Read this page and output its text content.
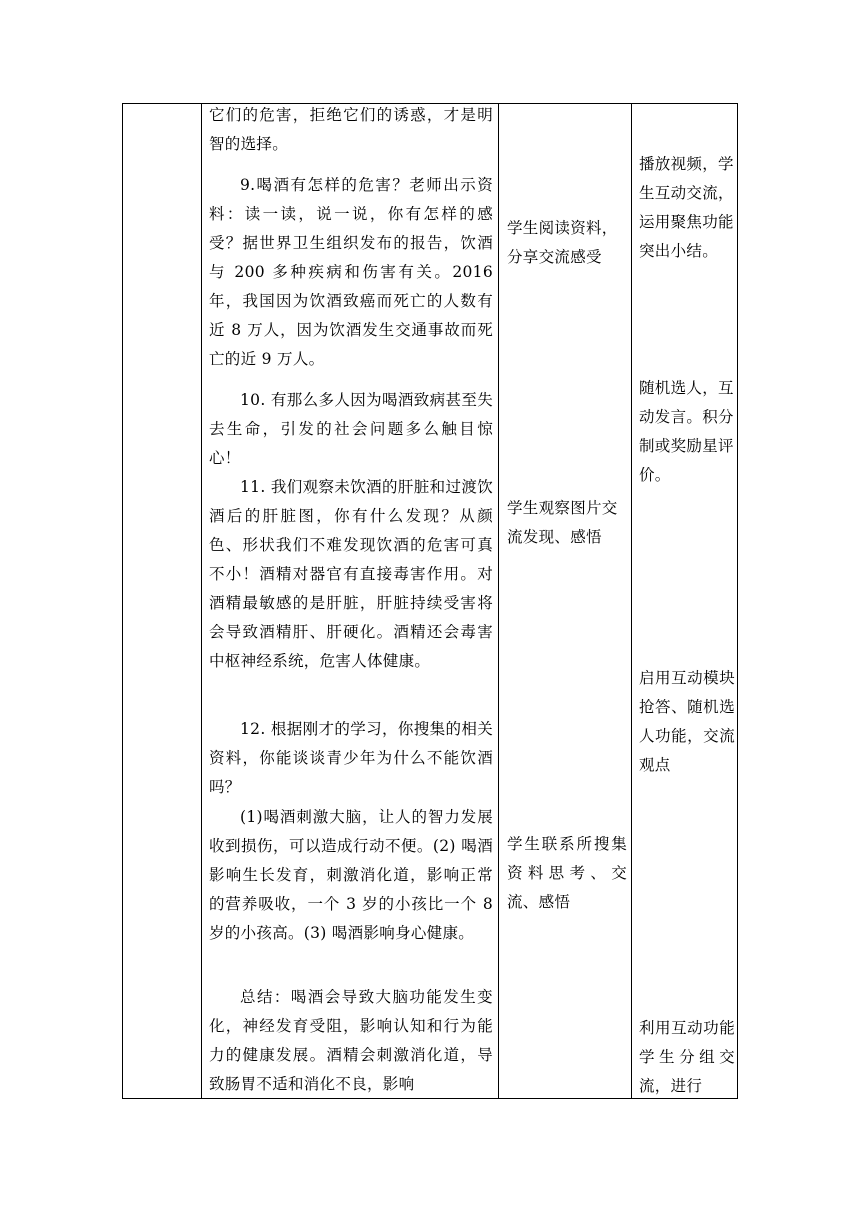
它们的危害，拒绝它们的诱惑，才是明智的选择。
9.喝酒有怎样的危害？老师出示资料：读一读，说一说，你有怎样的感受？据世界卫生组织发布的报告，饮酒与 200 多种疾病和伤害有关。2016 年，我国因为饮酒致癌而死亡的人数有近 8 万人，因为饮酒发生交通事故而死亡的近 9 万人。
10. 有那么多人因为喝酒致病甚至失去生命，引发的社会问题多么触目惊心！
11. 我们观察未饮酒的肝脏和过渡饮酒后的肝脏图，你有什么发现？从颜色、形状我们不难发现饮酒的危害可真不小！酒精对器官有直接毒害作用。对酒精最敏感的是肝脏，肝脏持续受害将会导致酒精肝、肝硬化。酒精还会毒害中枢神经系统，危害人体健康。
12. 根据刚才的学习，你搜集的相关资料，你能谈谈青少年为什么不能饮酒吗？
(1)喝酒刺激大脑，让人的智力发展收到损伤，可以造成行动不便。(2) 喝酒影响生长发育，刺激消化道，影响正常的营养吸收，一个 3 岁的小孩比一个 8 岁的小孩高。(3) 喝酒影响身心健康。
总结：喝酒会导致大脑功能发生变化，神经发育受阻，影响认知和行为能力的健康发展。酒精会刺激消化道，导致肠胃不适和消化不良，影响
学生阅读资料，分享交流感受
学生观察图片交流发现、感悟
学生联系所搜集资料思考、交流、感悟
播放视频，学生互动交流，运用聚焦功能突出小结。
随机选人，互动发言。积分制或奖励星评价。
启用互动模块抢答、随机选人功能，交流观点
利用互动功能学生分组交流，进行
